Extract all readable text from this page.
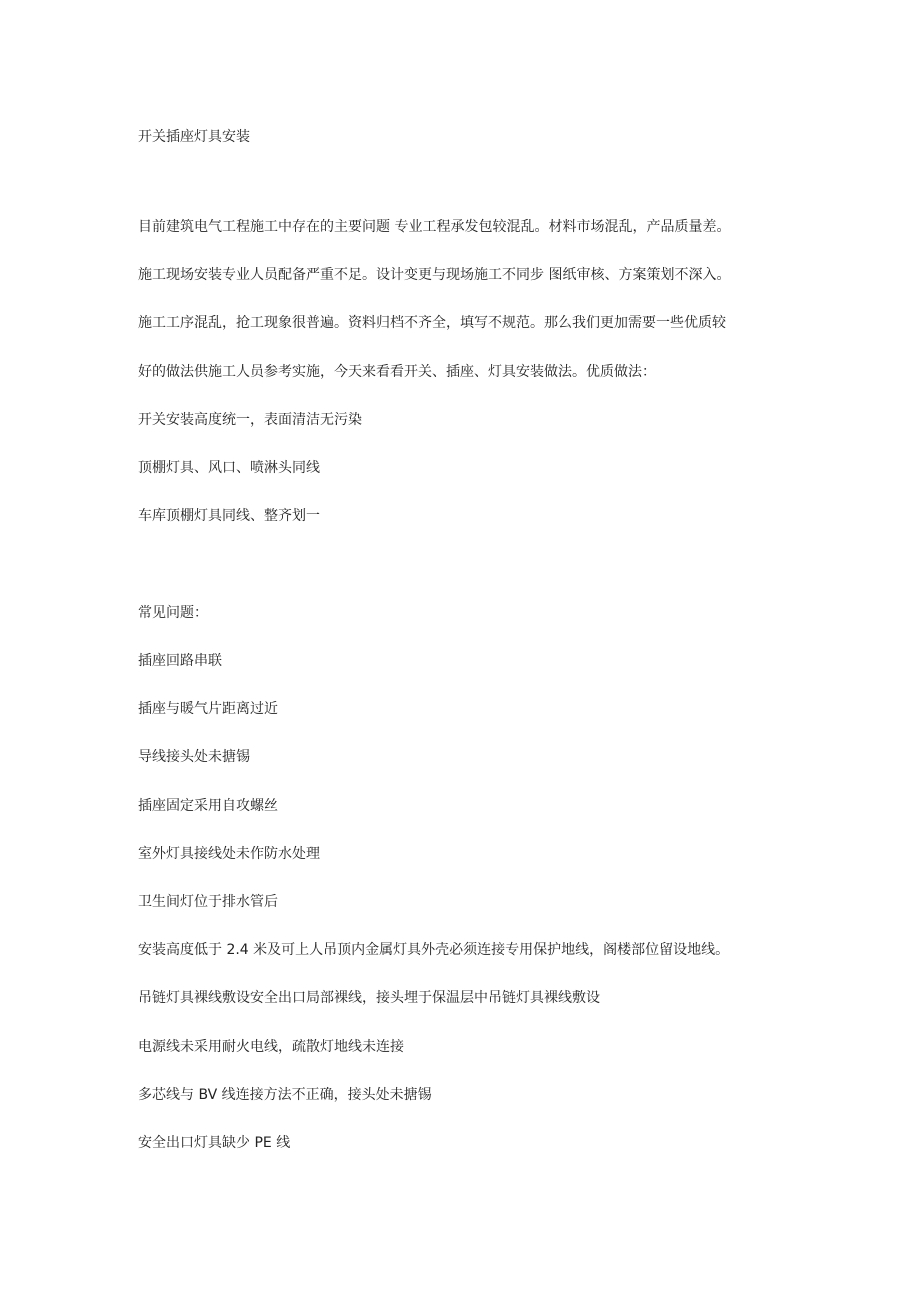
开关插座灯具安装
目前建筑电气工程施工中存在的主要问题 专业工程承发包较混乱。材料市场混乱，产品质量差。
施工现场安装专业人员配备严重不足。设计变更与现场施工不同步 图纸审核、方案策划不深入。
施工工序混乱，抢工现象很普遍。资料归档不齐全，填写不规范。那么我们更加需要一些优质较
好的做法供施工人员参考实施，今天来看看开关、插座、灯具安装做法。优质做法：
开关安装高度统一，表面清洁无污染
顶棚灯具、风口、喷淋头同线
车库顶棚灯具同线、整齐划一
常见问题：
插座回路串联
插座与暖气片距离过近
导线接头处未搪锡
插座固定采用自攻螺丝
室外灯具接线处未作防水处理
卫生间灯位于排水管后
安装高度低于 2.4 米及可上人吊顶内金属灯具外壳必须连接专用保护地线，阁楼部位留设地线。
吊链灯具裸线敷设安全出口局部裸线，接头埋于保温层中吊链灯具裸线敷设
电源线未采用耐火电线，疏散灯地线未连接
多芯线与 BV 线连接方法不正确，接头处未搪锡
安全出口灯具缺少 PE 线
